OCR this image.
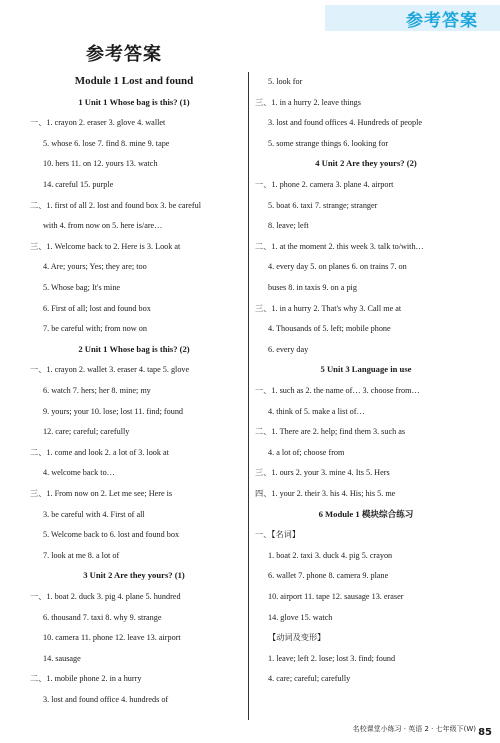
参考答案
参考答案
Module 1 Lost and found
1 Unit 1 Whose bag is this? (1)
一、1. crayon 2. eraser 3. glove 4. wallet
5. whose 6. lose 7. find 8. mine 9. tape
10. hers 11. on 12. yours 13. watch
14. careful 15. purple
二、1. first of all 2. lost and found box 3. be careful
with 4. from now on 5. here is/are…
三、1. Welcome back to 2. Here is 3. Look at
4. Are; yours; Yes; they are; too
5. Whose bag; It's mine
6. First of all; lost and found box
7. be careful with; from now on
2 Unit 1 Whose bag is this? (2)
一、1. crayon 2. wallet 3. eraser 4. tape 5. glove
6. watch 7. hers; her 8. mine; my
9. yours; your 10. lose; lost 11. find; found
12. care; careful; carefully
二、1. come and look 2. a lot of 3. look at
4. welcome back to…
三、1. From now on 2. Let me see; Here is
3. be careful with 4. First of all
5. Welcome back to 6. lost and found box
7. look at me 8. a lot of
3 Unit 2 Are they yours? (1)
一、1. boat 2. duck 3. pig 4. plane 5. hundred
6. thousand 7. taxi 8. why 9. strange
10. camera 11. phone 12. leave 13. airport
14. sausage
二、1. mobile phone 2. in a hurry
3. lost and found office 4. hundreds of
5. look for
三、1. in a hurry 2. leave things
3. lost and found offices 4. Hundreds of people
5. some strange things 6. looking for
4 Unit 2 Are they yours? (2)
一、1. phone 2. camera 3. plane 4. airport
5. boat 6. taxi 7. strange; stranger
8. leave; left
二、1. at the moment 2. this week 3. talk to/with…
4. every day 5. on planes 6. on trains 7. on
buses 8. in taxis 9. on a pig
三、1. in a hurry 2. That's why 3. Call me at
4. Thousands of 5. left; mobile phone
6. every day
5 Unit 3 Language in use
一、1. such as 2. the name of… 3. choose from…
4. think of 5. make a list of…
二、1. There are 2. help; find them 3. such as
4. a lot of; choose from
三、1. ours 2. your 3. mine 4. Its 5. Hers
四、1. your 2. their 3. his 4. His; his 5. me
6 Module 1 模块综合练习
一、【名词】
1. boat 2. taxi 3. duck 4. pig 5. crayon
6. wallet 7. phone 8. camera 9. plane
10. airport 11. tape 12. sausage 13. eraser
14. glove 15. watch
【动词及变形】
1. leave; left 2. lose; lost 3. find; found
4. care; careful; carefully
名校课堂小练习 · 英语 2 · 七年级下(W) 85
